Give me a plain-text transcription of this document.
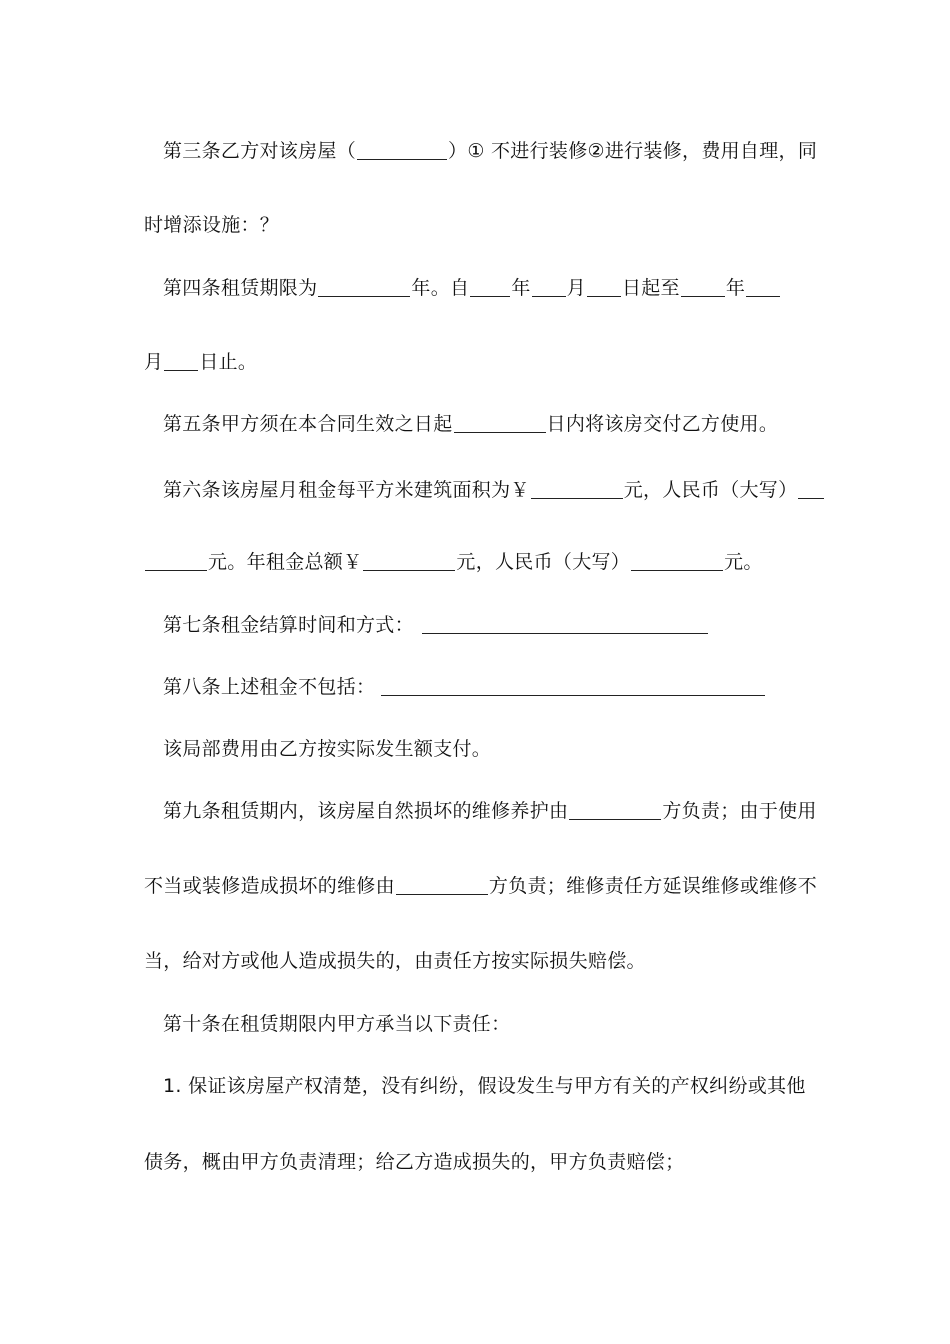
第三条乙方对该房屋（	）① 不进行装修②进行装修，费用自理，同
时增添设施：？
第四条租赁期限为	年。自 年 月 日起至 年
月 日止。
第五条甲方须在本合同生效之日起	日内将该房交付乙方使用。
第六条该房屋月租金每平方米建筑面积为￥	元，人民币（大写）
元。年租金总额￥	元，人民币（大写）	元。
第七条租金结算时间和方式：
第八条上述租金不包括：
该局部费用由乙方按实际发生额支付。
第九条租赁期内，该房屋自然损坏的维修养护由	方负责；由于使用
不当或装修造成损坏的维修由	方负责；维修责任方延误维修或维修不
当，给对方或他人造成损失的，由责任方按实际损失赔偿。
第十条在租赁期限内甲方承当以下责任：
1. 保证该房屋产权清楚，没有纠纷，假设发生与甲方有关的产权纠纷或其他
债务，概由甲方负责清理；给乙方造成损失的，甲方负责赔偿；
